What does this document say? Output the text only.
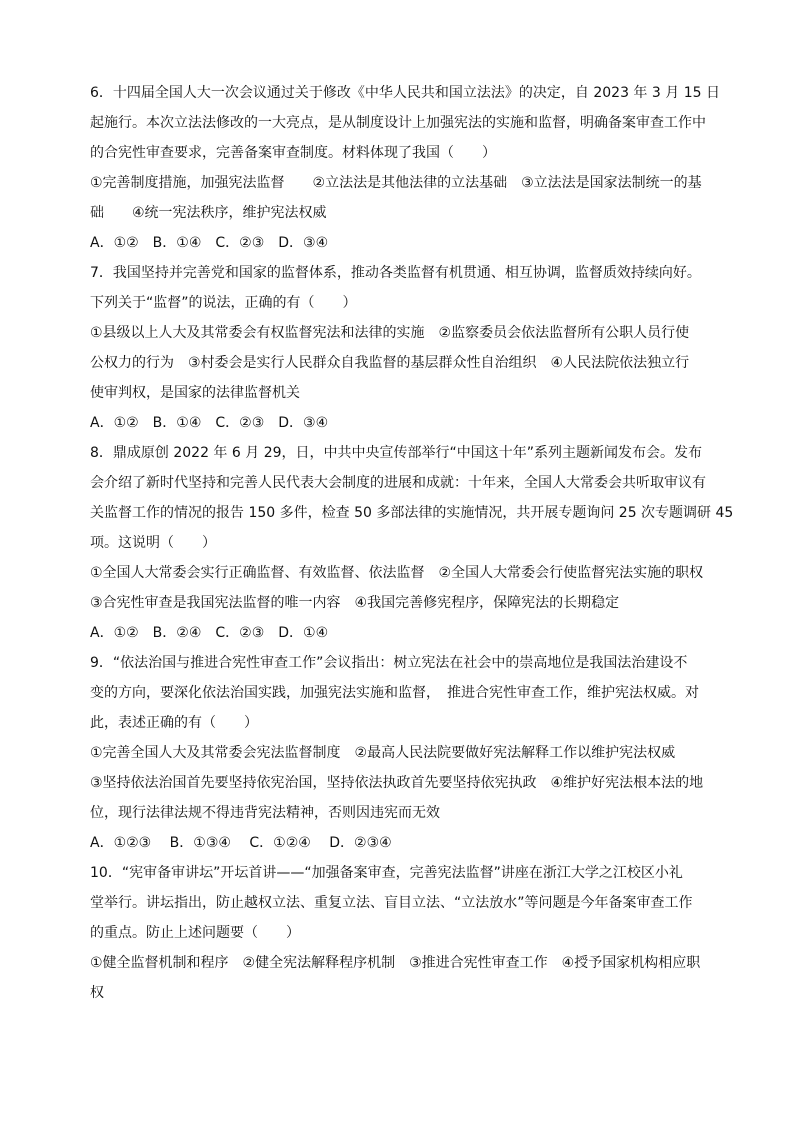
6．十四届全国人大一次会议通过关于修改《中华人民共和国立法法》的决定，自 2023 年 3 月 15 日

起施行。本次立法法修改的一大亮点，是从制度设计上加强宪法的实施和监督，明确备案审查工作中

的合宪性审查要求，完善备案审查制度。材料体现了我国（　　）

①完善制度措施，加强宪法监督　　②立法法是其他法律的立法基础　③立法法是国家法制统一的基

础　　④统一宪法秩序，维护宪法权威

A．①②　B．①④　C．②③　D．③④

7．我国坚持并完善党和国家的监督体系，推动各类监督有机贯通、相互协调，监督质效持续向好。

下列关于“监督”的说法，正确的有（　　）

①县级以上人大及其常委会有权监督宪法和法律的实施　②监察委员会依法监督所有公职人员行使

公权力的行为　③村委会是实行人民群众自我监督的基层群众性自治组织　④人民法院依法独立行

使审判权，是国家的法律监督机关

A．①②　B．①④　C．②③　D．③④

8．鼎成原创 2022 年 6 月 29，日，中共中央宣传部举行“中国这十年”系列主题新闻发布会。发布

会介绍了新时代坚持和完善人民代表大会制度的进展和成就：十年来，全国人大常委会共听取审议有

关监督工作的情况的报告 150 多件，检查 50 多部法律的实施情况，共开展专题询问 25 次专题调研 45

项。这说明（　　）

①全国人大常委会实行正确监督、有效监督、依法监督　②全国人大常委会行使监督宪法实施的职权

③合宪性审查是我国宪法监督的唯一内容　④我国完善修宪程序，保障宪法的长期稳定

A．①②　B．②④　C．②③　D．①④

9．“依法治国与推进合宪性审查工作”会议指出：树立宪法在社会中的崇高地位是我国法治建设不

变的方向，要深化依法治国实践，加强宪法实施和监督，　推进合宪性审查工作，维护宪法权威。对

此，表述正确的有（　　）

①完善全国人大及其常委会宪法监督制度　②最高人民法院要做好宪法解释工作以维护宪法权威

③坚持依法治国首先要坚持依宪治国，坚持依法执政首先要坚持依宪执政　④维护好宪法根本法的地

位，现行法律法规不得违背宪法精神，否则因违宪而无效

A．①②③　 B．①③④　 C．①②④　 D．②③④

10．“宪审备审讲坛”开坛首讲——“加强备案审查，完善宪法监督”讲座在浙江大学之江校区小礼

堂举行。讲坛指出，防止越权立法、重复立法、盲目立法、“立法放水”等问题是今年备案审查工作

的重点。防止上述问题要（　　）

①健全监督机制和程序　②健全宪法解释程序机制　③推进合宪性审查工作　④授予国家机构相应职

权
